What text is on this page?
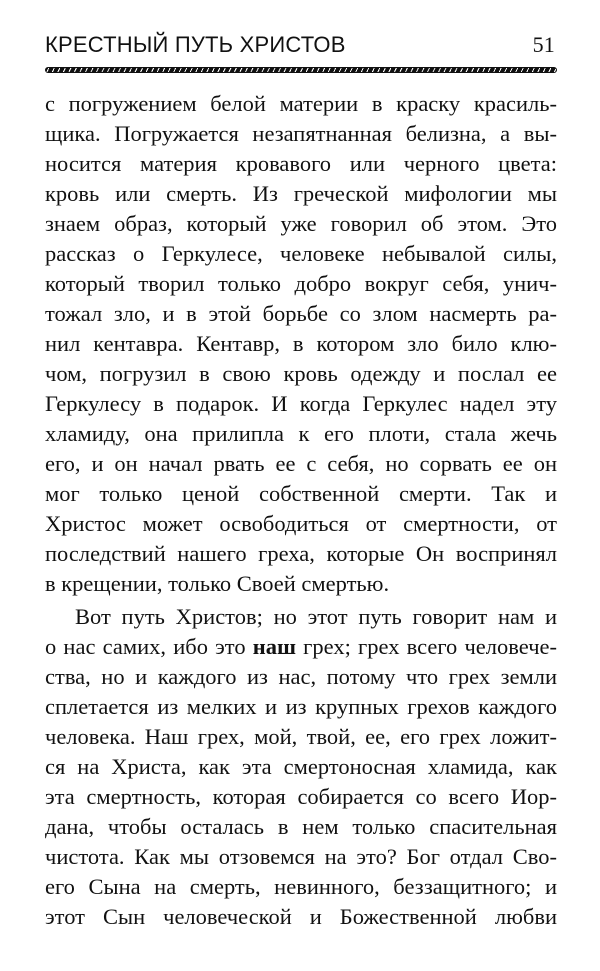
КРЕСТНЫЙ ПУТЬ ХРИСТОВ	51
с погружением белой материи в краску красиль-
щика. Погружается незапятнанная белизна, а вы-
носится материя кровавого или черного цвета:
кровь или смерть. Из греческой мифологии мы
знаем образ, который уже говорил об этом. Это
рассказ о Геркулесе, человеке небывалой силы,
который творил только добро вокруг себя, унич-
тожал зло, и в этой борьбе со злом насмерть ра-
нил кентавра. Кентавр, в котором зло било клю-
чом, погрузил в свою кровь одежду и послал ее
Геркулесу в подарок. И когда Геркулес надел эту
хламиду, она прилипла к его плоти, стала жечь
его, и он начал рвать ее с себя, но сорвать ее он
мог только ценой собственной смерти. Так и
Христос может освободиться от смертности, от
последствий нашего греха, которые Он воспринял
в крещении, только Своей смертью.
Вот путь Христов; но этот путь говорит нам и
о нас самих, ибо это наш грех; грех всего человече-
ства, но и каждого из нас, потому что грех земли
сплетается из мелких и из крупных грехов каждого
человека. Наш грех, мой, твой, ее, его грех ложит-
ся на Христа, как эта смертоносная хламида, как
эта смертность, которая собирается со всего Иор-
дана, чтобы осталась в нем только спасительная
чистота. Как мы отзовемся на это? Бог отдал Сво-
его Сына на смерть, невинного, беззащитного; и
этот Сын человеческой и Божественной любви
